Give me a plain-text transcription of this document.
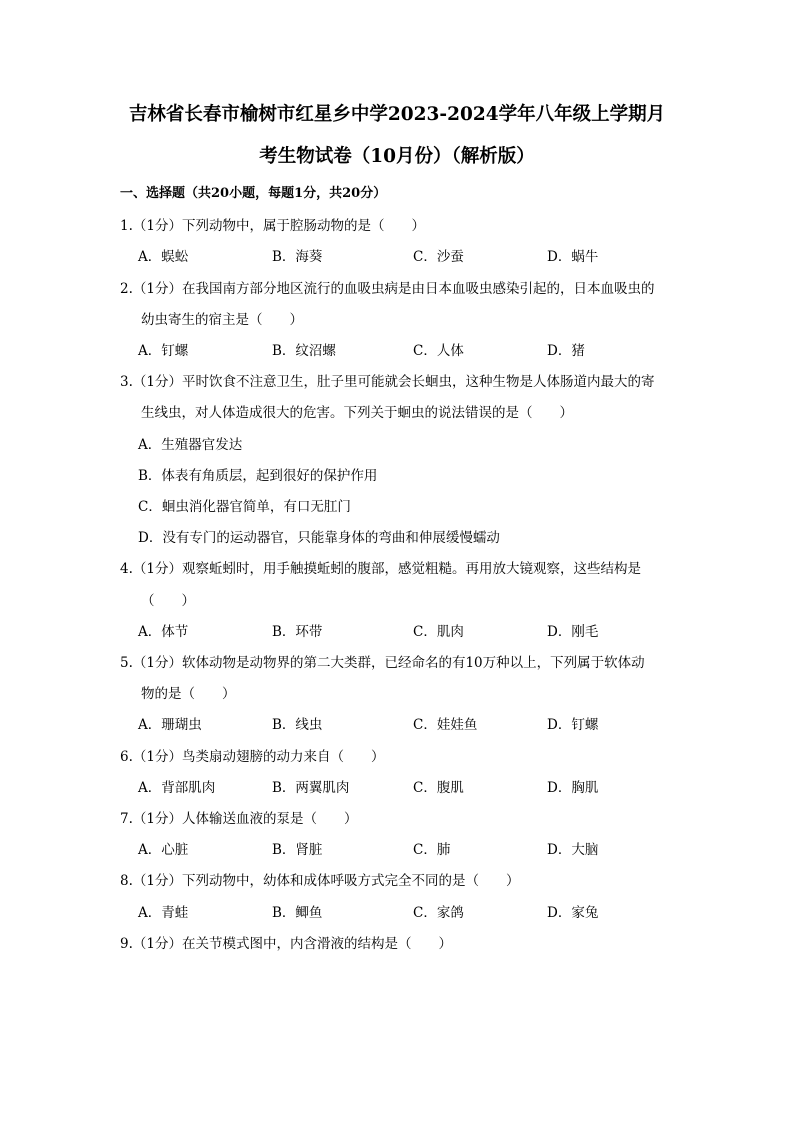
吉林省长春市榆树市红星乡中学2023-2024学年八年级上学期月
考生物试卷（10月份）（解析版）
一、选择题（共20小题，每题1分，共20分）
1.（1分）下列动物中，属于腔肠动物的是（　　）
A．蜈蚣	B．海葵	C．沙蚕	D．蜗牛
2.（1分）在我国南方部分地区流行的血吸虫病是由日本血吸虫感染引起的，日本血吸虫的
幼虫寄生的宿主是（　　）
A．钉螺	B．纹沼螺	C．人体	D．猪
3.（1分）平时饮食不注意卫生，肚子里可能就会长蛔虫，这种生物是人体肠道内最大的寄
生线虫，对人体造成很大的危害。下列关于蛔虫的说法错误的是（　　）
A．生殖器官发达
B．体表有角质层，起到很好的保护作用
C．蛔虫消化器官简单，有口无肛门
D．没有专门的运动器官，只能靠身体的弯曲和伸展缓慢蠕动
4.（1分）观察蚯蚓时，用手触摸蚯蚓的腹部，感觉粗糙。再用放大镜观察，这些结构是
（　　）
A．体节	B．环带	C．肌肉	D．刚毛
5.（1分）软体动物是动物界的第二大类群，已经命名的有10万种以上，下列属于软体动
物的是（　　）
A．珊瑚虫	B．线虫	C．娃娃鱼	D．钉螺
6.（1分）鸟类扇动翅膀的动力来自（　　）
A．背部肌肉	B．两翼肌肉	C．腹肌	D．胸肌
7.（1分）人体输送血液的泵是（　　）
A．心脏	B．肾脏	C．肺	D．大脑
8.（1分）下列动物中，幼体和成体呼吸方式完全不同的是（　　）
A．青蛙	B．鲫鱼	C．家鸽	D．家兔
9.（1分）在关节模式图中，内含滑液的结构是（　　）
